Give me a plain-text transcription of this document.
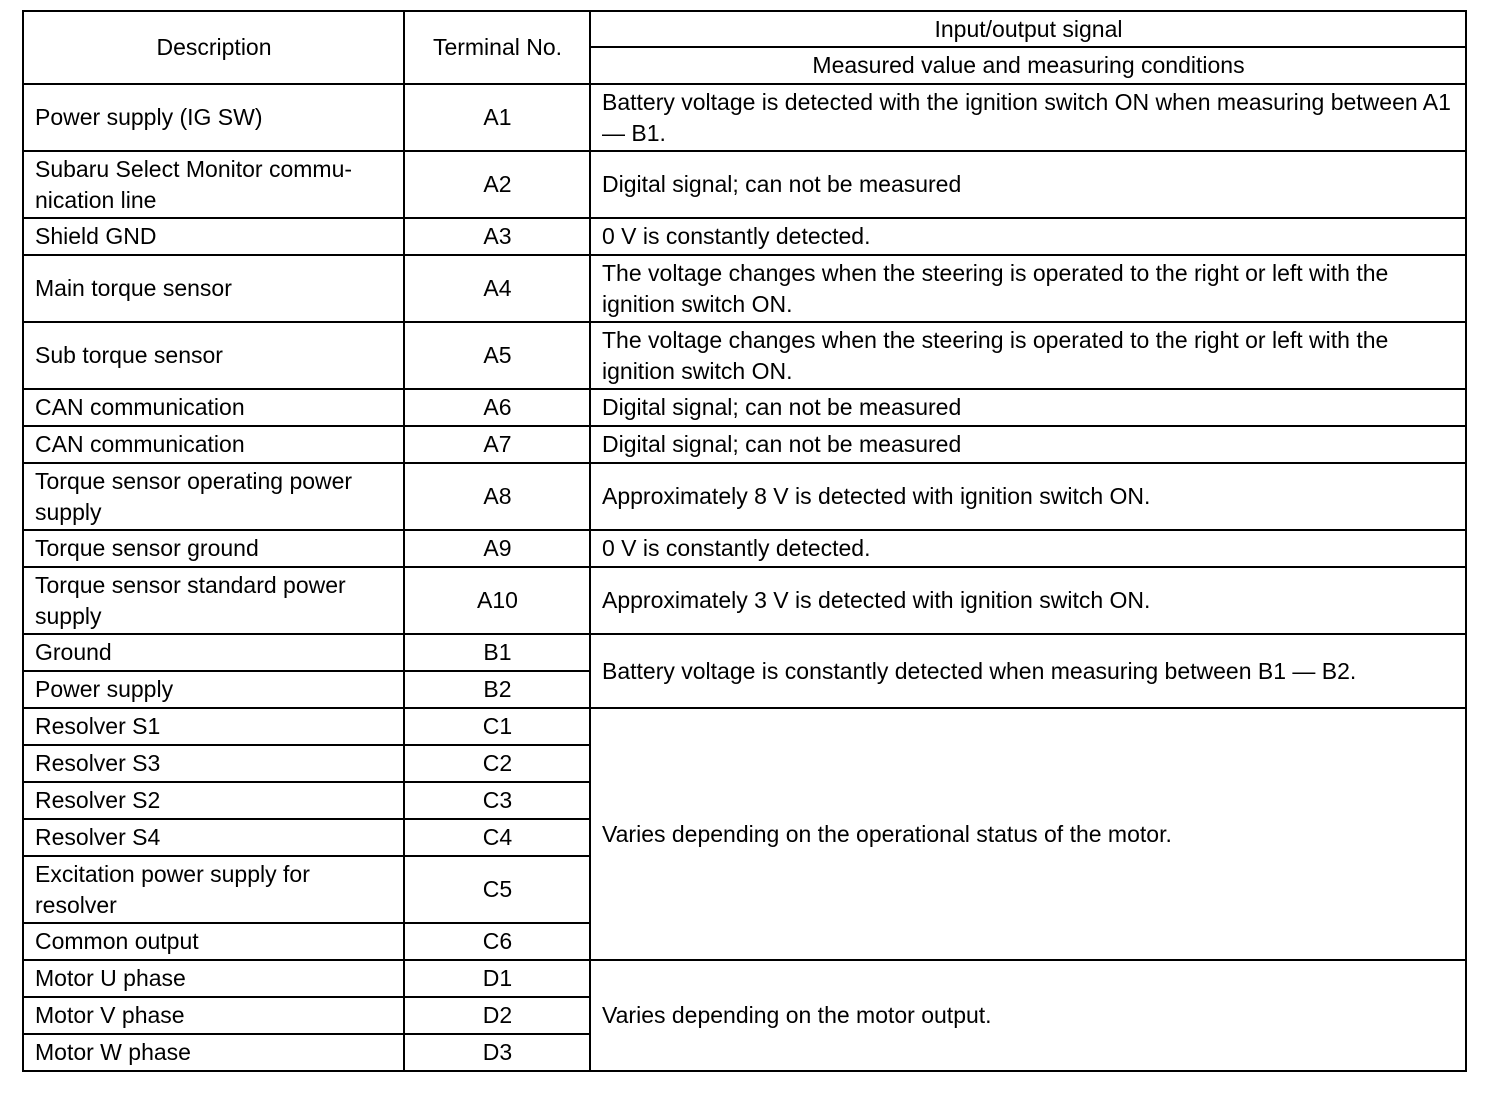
Description	Terminal No.	Input/output signal
		Measured value and measuring conditions
Power supply (IG SW)	A1	Battery voltage is detected with the ignition switch ON when measuring between A1 — B1.
Subaru Select Monitor commu-nication line	A2	Digital signal; can not be measured
Shield GND	A3	0 V is constantly detected.
Main torque sensor	A4	The voltage changes when the steering is operated to the right or left with the ignition switch ON.
Sub torque sensor	A5	The voltage changes when the steering is operated to the right or left with the ignition switch ON.
CAN communication	A6	Digital signal; can not be measured
CAN communication	A7	Digital signal; can not be measured
Torque sensor operating power supply	A8	Approximately 8 V is detected with ignition switch ON.
Torque sensor ground	A9	0 V is constantly detected.
Torque sensor standard power supply	A10	Approximately 3 V is detected with ignition switch ON.
Ground	B1	Battery voltage is constantly detected when measuring between B1 — B2.
Power supply	B2	
Resolver S1	C1	Varies depending on the operational status of the motor.
Resolver S3	C2	
Resolver S2	C3	
Resolver S4	C4	
Excitation power supply for resolver	C5	
Common output	C6	
Motor U phase	D1	Varies depending on the motor output.
Motor V phase	D2	
Motor W phase	D3	
